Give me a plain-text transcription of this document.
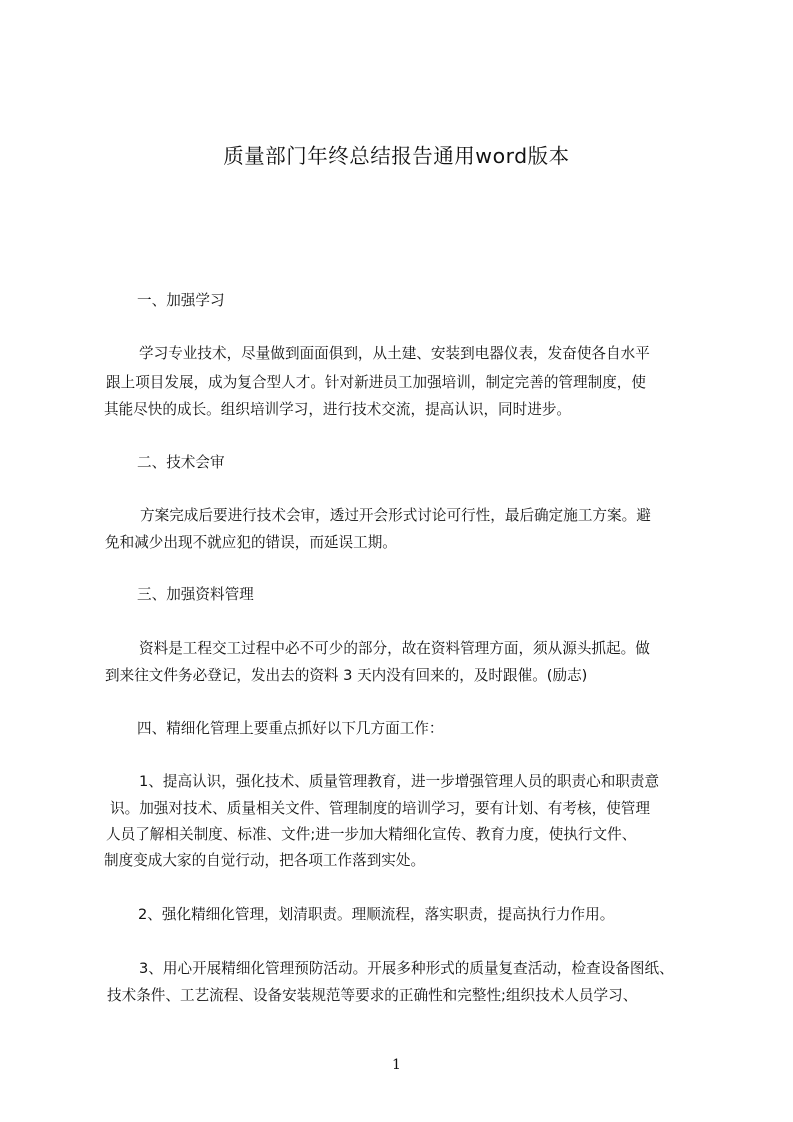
质量部门年终总结报告通用word版本
一、加强学习
学习专业技术，尽量做到面面俱到，从土建、安装到电器仪表，发奋使各自水平
跟上项目发展，成为复合型人才。针对新进员工加强培训，制定完善的管理制度，使
其能尽快的成长。组织培训学习，进行技术交流，提高认识，同时进步。
二、技术会审
方案完成后要进行技术会审，透过开会形式讨论可行性，最后确定施工方案。避
免和减少出现不就应犯的错误，而延误工期。
三、加强资料管理
资料是工程交工过程中必不可少的部分，故在资料管理方面，须从源头抓起。做
到来往文件务必登记，发出去的资料 3 天内没有回来的，及时跟催。(励志)
四、精细化管理上要重点抓好以下几方面工作：
1、提高认识，强化技术、质量管理教育，进一步增强管理人员的职责心和职责意
识。加强对技术、质量相关文件、管理制度的培训学习，要有计划、有考核，使管理
人员了解相关制度、标准、文件;进一步加大精细化宣传、教育力度，使执行文件、
制度变成大家的自觉行动，把各项工作落到实处。
2、强化精细化管理，划清职责。理顺流程，落实职责，提高执行力作用。
3、用心开展精细化管理预防活动。开展多种形式的质量复查活动，检查设备图纸、
技术条件、工艺流程、设备安装规范等要求的正确性和完整性;组织技术人员学习、
1
